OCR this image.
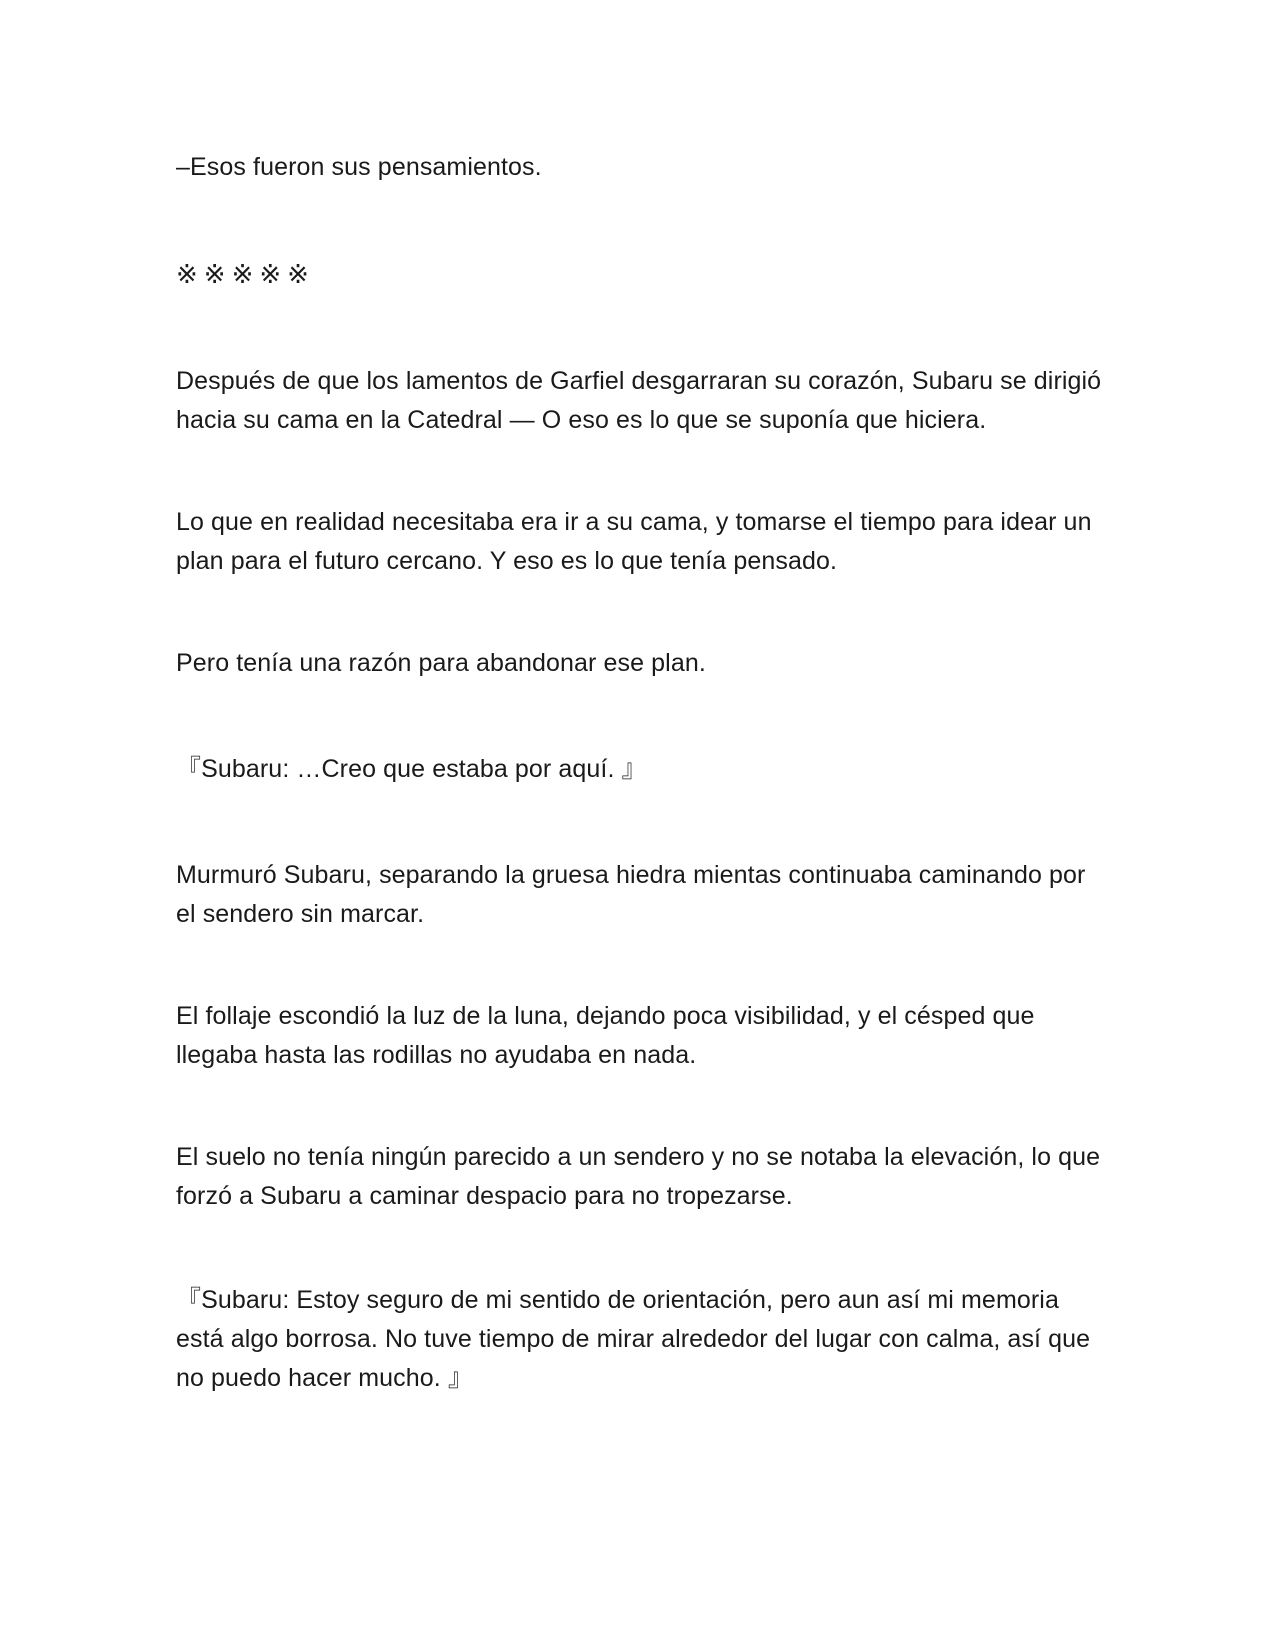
–Esos fueron sus pensamientos.

※※※※※

Después de que los lamentos de Garfiel desgarraran su corazón, Subaru se dirigió hacia su cama en la Catedral — O eso es lo que se suponía que hiciera.

Lo que en realidad necesitaba era ir a su cama, y tomarse el tiempo para idear un plan para el futuro cercano. Y eso es lo que tenía pensado.

Pero tenía una razón para abandonar ese plan.

『Subaru: …Creo que estaba por aquí. 』

Murmuró Subaru, separando la gruesa hiedra mientas continuaba caminando por el sendero sin marcar.

El follaje escondió la luz de la luna, dejando poca visibilidad, y el césped que llegaba hasta las rodillas no ayudaba en nada.

El suelo no tenía ningún parecido a un sendero y no se notaba la elevación, lo que forzó a Subaru a caminar despacio para no tropezarse.

『Subaru: Estoy seguro de mi sentido de orientación, pero aun así mi memoria está algo borrosa. No tuve tiempo de mirar alrededor del lugar con calma, así que no puedo hacer mucho. 』
